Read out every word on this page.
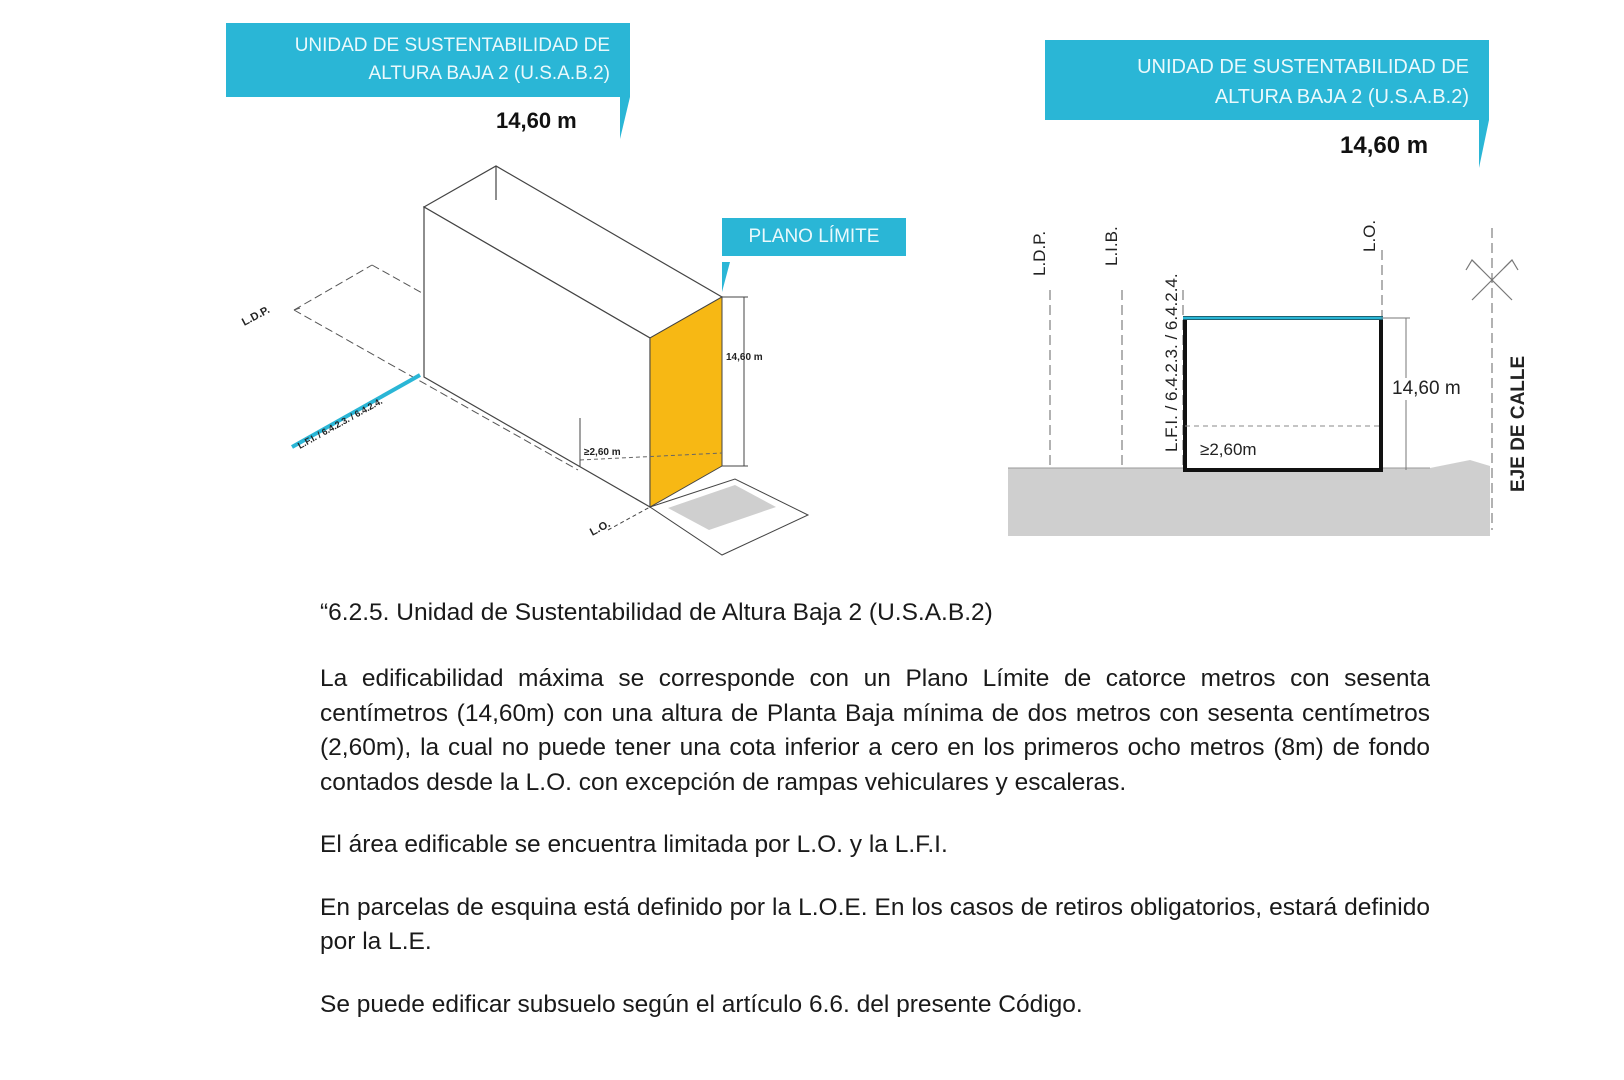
UNIDAD DE SUSTENTABILIDAD DE
ALTURA BAJA 2 (U.S.A.B.2)
14,60 m
PLANO LÍMITE
14,60 m
≥2,60 m
L.D.P.
L.F.I. / 6.4.2.3. / 6.4.2.4.
L.O.
UNIDAD DE SUSTENTABILIDAD DE
ALTURA BAJA 2 (U.S.A.B.2)
14,60 m
L.D.P.	L.I.B.
L.F.I. / 6.4.2.3. / 6.4.2.4.
L.O.
EJE DE CALLE
14,60 m
≥2,60m

“6.2.5. Unidad de Sustentabilidad de Altura Baja 2 (U.S.A.B.2)

La edificabilidad máxima se corresponde con un Plano Límite de catorce metros con sesenta centímetros (14,60m) con una altura de Planta Baja mínima de dos metros con sesenta centímetros (2,60m), la cual no puede tener una cota inferior a cero en los primeros ocho metros (8m) de fondo contados desde la L.O. con excepción de rampas vehiculares y escaleras.

El área edificable se encuentra limitada por L.O. y la L.F.I.

En parcelas de esquina está definido por la L.O.E. En los casos de retiros obligatorios, estará definido por la L.E.

Se puede edificar subsuelo según el artículo 6.6. del presente Código.
